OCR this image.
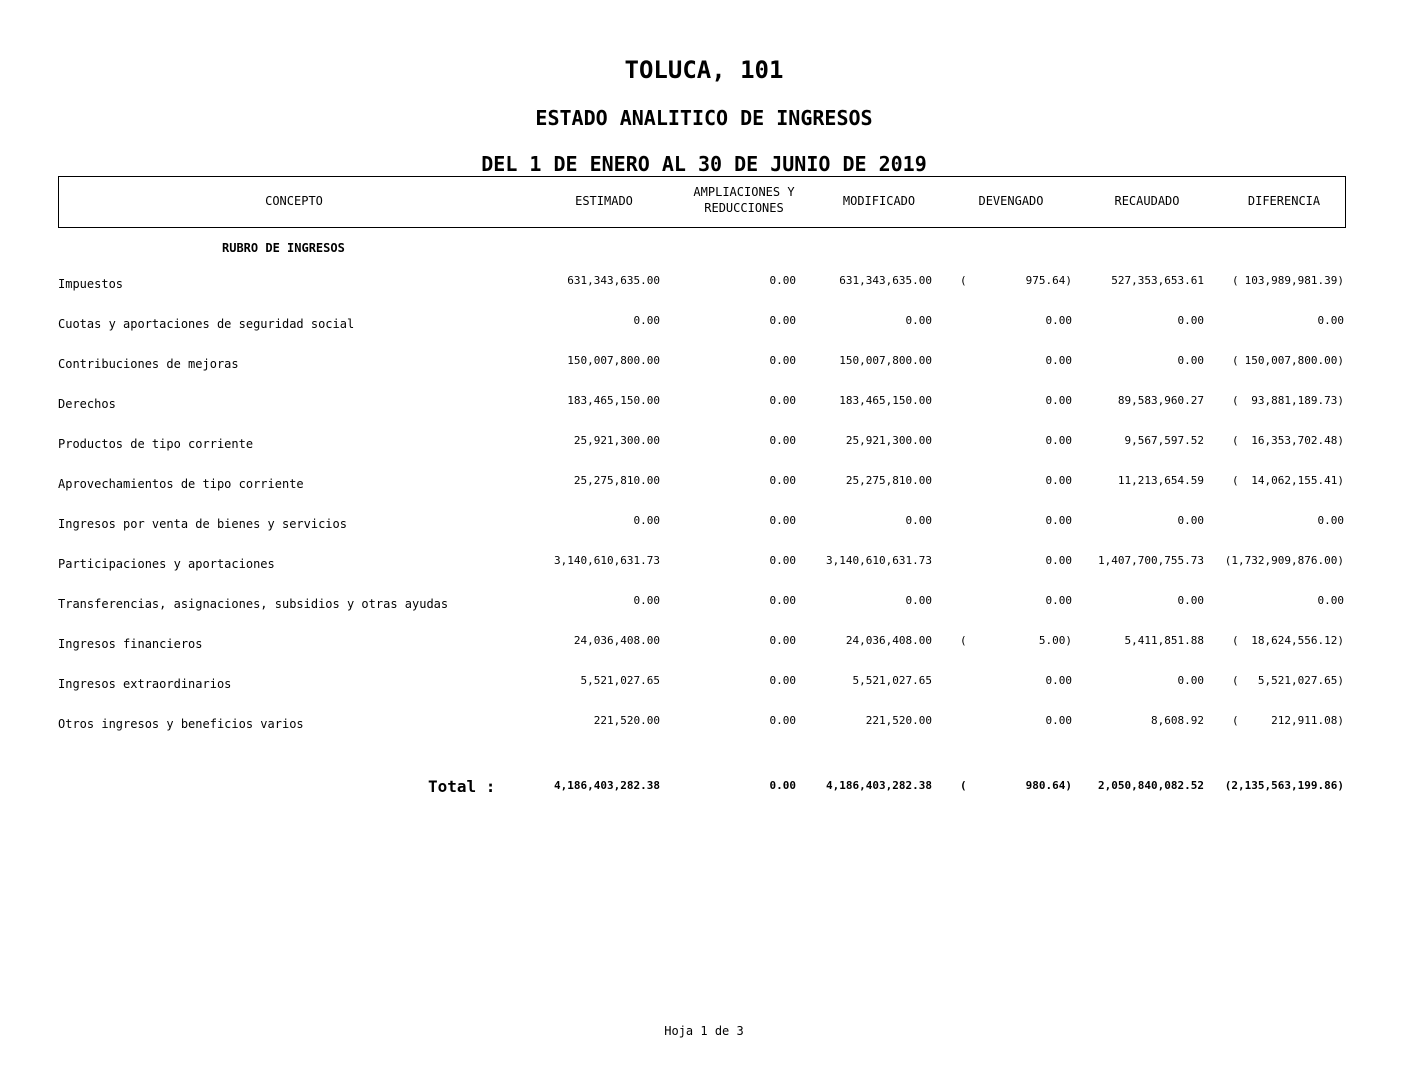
TOLUCA, 101
ESTADO ANALITICO DE INGRESOS
DEL 1 DE ENERO AL 30 DE JUNIO DE 2019
CONCEPTO	ESTIMADO
AMPLIACIONES Y
REDUCCIONES	MODIFICADO	DEVENGADO	RECAUDADO	DIFERENCIA
RUBRO DE INGRESOS
Impuestos	631,343,635.00	0.00	631,343,635.00	975.64)	527,353,653.61	103,989,981.39)
(	(
Cuotas y aportaciones de seguridad social	0.00	0.00	0.00	0.00	0.00	0.00
Contribuciones de mejoras	150,007,800.00	0.00	150,007,800.00	0.00	0.00	150,007,800.00)
(
Derechos	183,465,150.00	0.00	183,465,150.00	0.00	89,583,960.27	93,881,189.73)
(
Productos de tipo corriente	25,921,300.00	0.00	25,921,300.00	0.00	9,567,597.52	16,353,702.48)
(
Aprovechamientos de tipo corriente	25,275,810.00	0.00	25,275,810.00	0.00	11,213,654.59	14,062,155.41)
(
Ingresos por venta de bienes y servicios	0.00	0.00	0.00	0.00	0.00	0.00
Participaciones y aportaciones	3,140,610,631.73	0.00	3,140,610,631.73	0.00 1,407,700,755.73 (1,732,909,876.00)
Transferencias, asignaciones, subsidios y otras ayudas	0.00	0.00	0.00	0.00	0.00	0.00
Ingresos financieros	24,036,408.00	0.00	24,036,408.00	5.00)	5,411,851.88	18,624,556.12)
(	(
Ingresos extraordinarios	5,521,027.65	0.00	5,521,027.65	0.00	0.00	5,521,027.65)
(
Otros ingresos y beneficios varios	221,520.00	0.00	221,520.00	0.00	8,608.92	212,911.08)
(
Total :	4,186,403,282.38	0.00	4,186,403,282.38	(	980.64) 2,050,840,082.52 (2,135,563,199.86)
Hoja 1 de 3
